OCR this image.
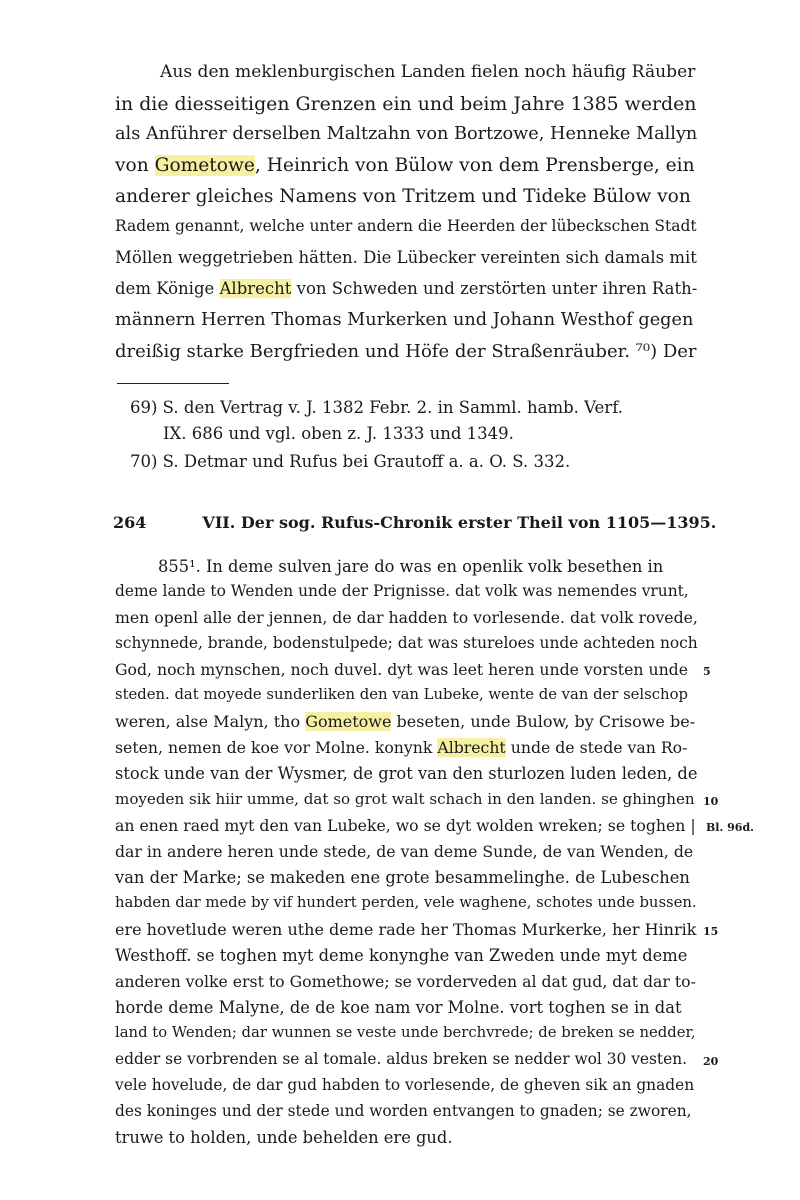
Aus den meklenburgischen Landen fielen noch häufig Räuber
in die diesseitigen Grenzen ein und beim Jahre 1385 werden
als Anführer derselben Maltzahn von Bortzowe, Henneke Mallyn
von Gometowe, Heinrich von Bülow von dem Prensberge, ein
anderer gleiches Namens von Tritzem und Tideke Bülow von
Radem genannt, welche unter andern die Heerden der lübeckschen Stadt
Möllen weggetrieben hätten. Die Lübecker vereinten sich damals mit
dem Könige Albrecht von Schweden und zerstörten unter ihren Rath-
männern Herren Thomas Murkerken und Johann Westhof gegen
dreißig starke Bergfrieden und Höfe der Straßenräuber. ⁷⁰) Der
69) S. den Vertrag v. J. 1382 Febr. 2. in Samml. hamb. Verf.
IX. 686 und vgl. oben z. J. 1333 und 1349.
70) S. Detmar und Rufus bei Grautoff a. a. O. S. 332.
264	VII. Der sog. Rufus-Chronik erster Theil von 1105—1395.
855¹. In deme sulven jare do was en openlik volk besethen in
deme lande to Wenden unde der Prignisse. dat volk was nemendes vrunt,
men openl alle der jennen, de dar hadden to vorlesende. dat volk rovede,
schynnede, brande, bodenstulpede; dat was stureloes unde achteden noch
God, noch mynschen, noch duvel. dyt was leet heren unde vorsten unde
steden. dat moyede sunderliken den van Lubeke, wente de van der selschop
weren, alse Malyn, tho Gometowe beseten, unde Bulow, by Crisowe be-
seten, nemen de koe vor Molne. konynk Albrecht unde de stede van Ro-
stock unde van der Wysmer, de grot van den sturlozen luden leden, de
moyeden sik hiir umme, dat so grot walt schach in den landen. se ghinghen
an enen raed myt den van Lubeke, wo se dyt wolden wreken; se toghen |
dar in andere heren unde stede, de van deme Sunde, de van Wenden, de
van der Marke; se makeden ene grote besammelinghe. de Lubeschen
habden dar mede by vif hundert perden, vele waghene, schotes unde bussen.
ere hovetlude weren uthe deme rade her Thomas Murkerke, her Hinrik
Westhoff. se toghen myt deme konynghe van Zweden unde myt deme
anderen volke erst to Gomethowe; se vorderveden al dat gud, dat dar to-
horde deme Malyne, de de koe nam vor Molne. vort toghen se in dat
land to Wenden; dar wunnen se veste unde berchvrede; de breken se nedder,
edder se vorbrenden se al tomale. aldus breken se nedder wol 30 vesten.
vele hovelude, de dar gud habden to vorlesende, de gheven sik an gnaden
des koninges und der stede und worden entvangen to gnaden; se zworen,
truwe to holden, unde behelden ere gud.
5
10
Bl. 96d.
15
20
